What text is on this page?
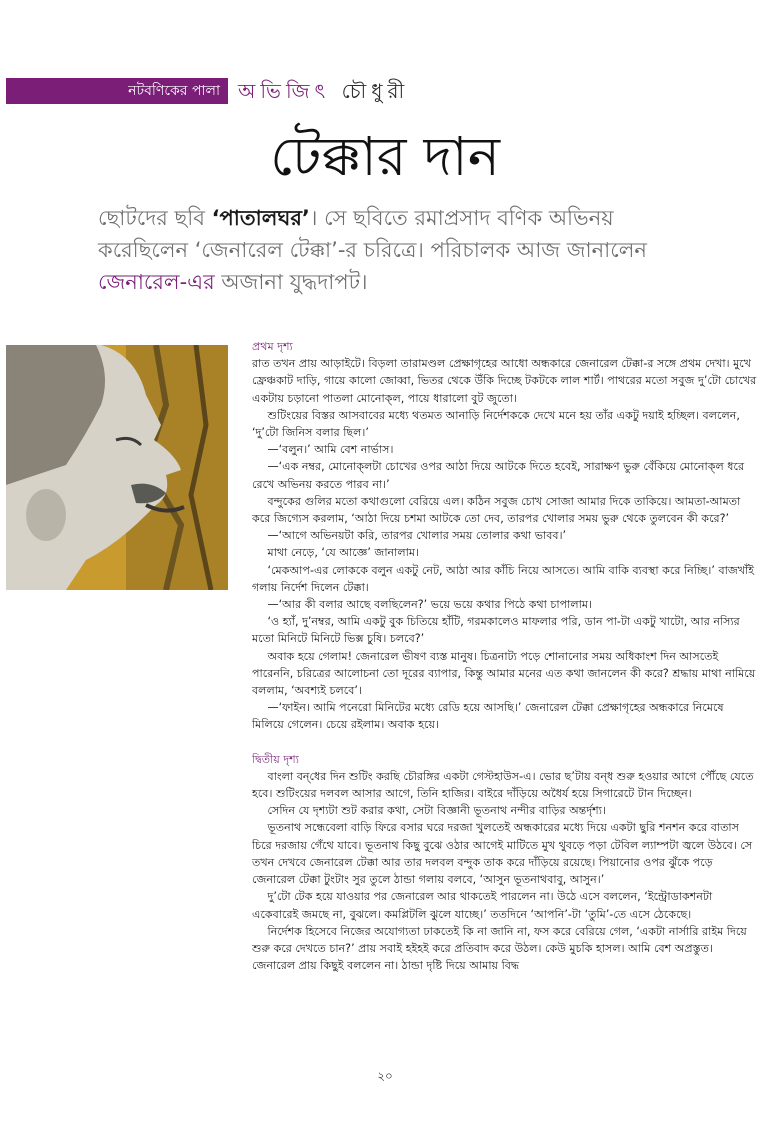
নটবণিকের পালা অভিজিৎ চৌধুরী
টেক্কার দান

ছোটদের ছবি ‘পাতালঘর’। সে ছবিতে রমাপ্রসাদ বণিক অভিনয়

করেছিলেন ‘জেনারেল টেক্কা’-র চরিত্রে। পরিচালক আজ জানালেন

জেনারেল-এর অজানা যুদ্ধদাপট।

প্রথম দৃশ্য

রাত তখন প্রায় আড়াইটে। বিড়লা তারামণ্ডল প্রেক্ষাগৃহের আধো অন্ধকারে জেনারেল টেক্কা-র সঙ্গে প্রথম দেখা। মুখে ফ্রেঞ্চকাট দাড়ি, গায়ে কালো জোব্বা, ভিতর থেকে উঁকি দিচ্ছে টকটকে লাল শার্ট। পাথরের মতো সবুজ দু’টো চোখের একটায় চড়ানো পাতলা মোনোক্‌ল, পায়ে ধারালো বুট জুতো।

শুটিংয়ের বিস্তর আসবাবের মধ্যে থতমত আনাড়ি নির্দেশককে দেখে মনে হয় তাঁর একটু দয়াই হচ্ছিল। বললেন, ‘দু’টো জিনিস বলার ছিল।’

—‘বলুন।’ আমি বেশ নার্ভাস।

—‘এক নম্বর, মোনোক্‌লটা চোখের ওপর আঠা দিয়ে আটকে দিতে হবেই, সারাক্ষণ ভুরু বেঁকিয়ে মোনোক্‌ল ধরে রেখে অভিনয় করতে পারব না।’

বন্দুকের গুলির মতো কথাগুলো বেরিয়ে এল। কঠিন সবুজ চোখ সোজা আমার দিকে তাকিয়ে। আমতা-আমতা করে জিগ্যেস করলাম, ‘আঠা দিয়ে চশমা আটকে তো দেব, তারপর খোলার সময় ভুরু থেকে তুলবেন কী করে?’

—‘আগে অভিনয়টা করি, তারপর খোলার সময় তোলার কথা ভাবব।’

মাথা নেড়ে, ‘যে আজ্ঞে’ জানালাম।

‘মেকআপ-এর লোককে বলুন একটু নেট, আঠা আর কাঁচি নিয়ে আসতে। আমি বাকি ব্যবস্থা করে নিচ্ছি।’ বাজখাঁই গলায় নির্দেশ দিলেন টেক্কা।

—‘আর কী বলার আছে বলছিলেন?’ ভয়ে ভয়ে কথার পিঠে কথা চাপালাম।

‘ও হ্যাঁ, দু’নম্বর, আমি একটু বুক চিতিয়ে হাঁটি, গরমকালেও মাফলার পরি, ডান পা-টা একটু খাটো, আর নস্যির মতো মিনিটে মিনিটে ভিক্স চুষি। চলবে?’

অবাক হয়ে গেলাম! জেনারেল ভীষণ ব্যস্ত মানুষ। চিত্রনাট্য পড়ে শোনানোর সময় অধিকাংশ দিন আসতেই পারেননি, চরিত্রের আলোচনা তো দূরের ব্যাপার, কিন্তু আমার মনের এত কথা জানলেন কী করে? শ্রদ্ধায় মাথা নামিয়ে বললাম, ‘অবশ্যই চলবে’।

—‘ফাইন। আমি পনেরো মিনিটের মধ্যে রেডি হয়ে আসছি।’ জেনারেল টেক্কা প্রেক্ষাগৃহের অন্ধকারে নিমেষে মিলিয়ে গেলেন। চেয়ে রইলাম। অবাক হয়ে।

দ্বিতীয় দৃশ্য

বাংলা বন্‌ধের দিন শুটিং করছি চৌরঙ্গির একটা গেস্টহাউস-এ। ভোর ছ’টায় বন্‌ধ শুরু হওয়ার আগে পৌঁছে যেতে হবে। শুটিংয়ের দলবল আসার আগে, তিনি হাজির। বাইরে দাঁড়িয়ে অধৈর্য হয়ে সিগারেটে টান দিচ্ছেন।

সেদিন যে দৃশ্যটা শুট করার কথা, সেটা বিজ্ঞানী ভূতনাথ নন্দীর বাড়ির অন্তর্দৃশ্য।

ভূতনাথ সন্ধেবেলা বাড়ি ফিরে বসার ঘরে দরজা খুলতেই অন্ধকারের মধ্যে দিয়ে একটা ছুরি শনশন করে বাতাস চিরে দরজায় গেঁথে যাবে। ভূতনাথ কিছু বুঝে ওঠার আগেই মাটিতে মুখ থুবড়ে পড়া টেবিল ল্যাম্পটা জ্বলে উঠবে। সে তখন দেখবে জেনারেল টেক্কা আর তার দলবল বন্দুক তাক করে দাঁড়িয়ে রয়েছে। পিয়ানোর ওপর ঝুঁকে পড়ে জেনারেল টেক্কা টুংটাং সুর তুলে ঠান্ডা গলায় বলবে, ‘আসুন ভূতনাথবাবু, আসুন।’

দু’টো টেক হয়ে যাওয়ার পর জেনারেল আর থাকতেই পারলেন না। উঠে এসে বললেন, ‘ইন্ট্রোডাকশনটা একেবারেই জমছে না, বুঝলে। কমপ্লিটলি ঝুলে যাচ্ছে।’ ততদিনে ‘আপনি’-টা ‘তুমি’-তে এসে ঠেকেছে।

নির্দেশক হিসেবে নিজের অযোগ্যতা ঢাকতেই কি না জানি না, ফস করে বেরিয়ে গেল, ‘একটা নার্সারি রাইম দিয়ে শুরু করে দেখতে চান?’ প্রায় সবাই হইহই করে প্রতিবাদ করে উঠল। কেউ মুচকি হাসল। আমি বেশ অপ্রস্তুত। জেনারেল প্রায় কিছুই বললেন না। ঠান্ডা দৃষ্টি দিয়ে আমায় বিদ্ধ

২০
